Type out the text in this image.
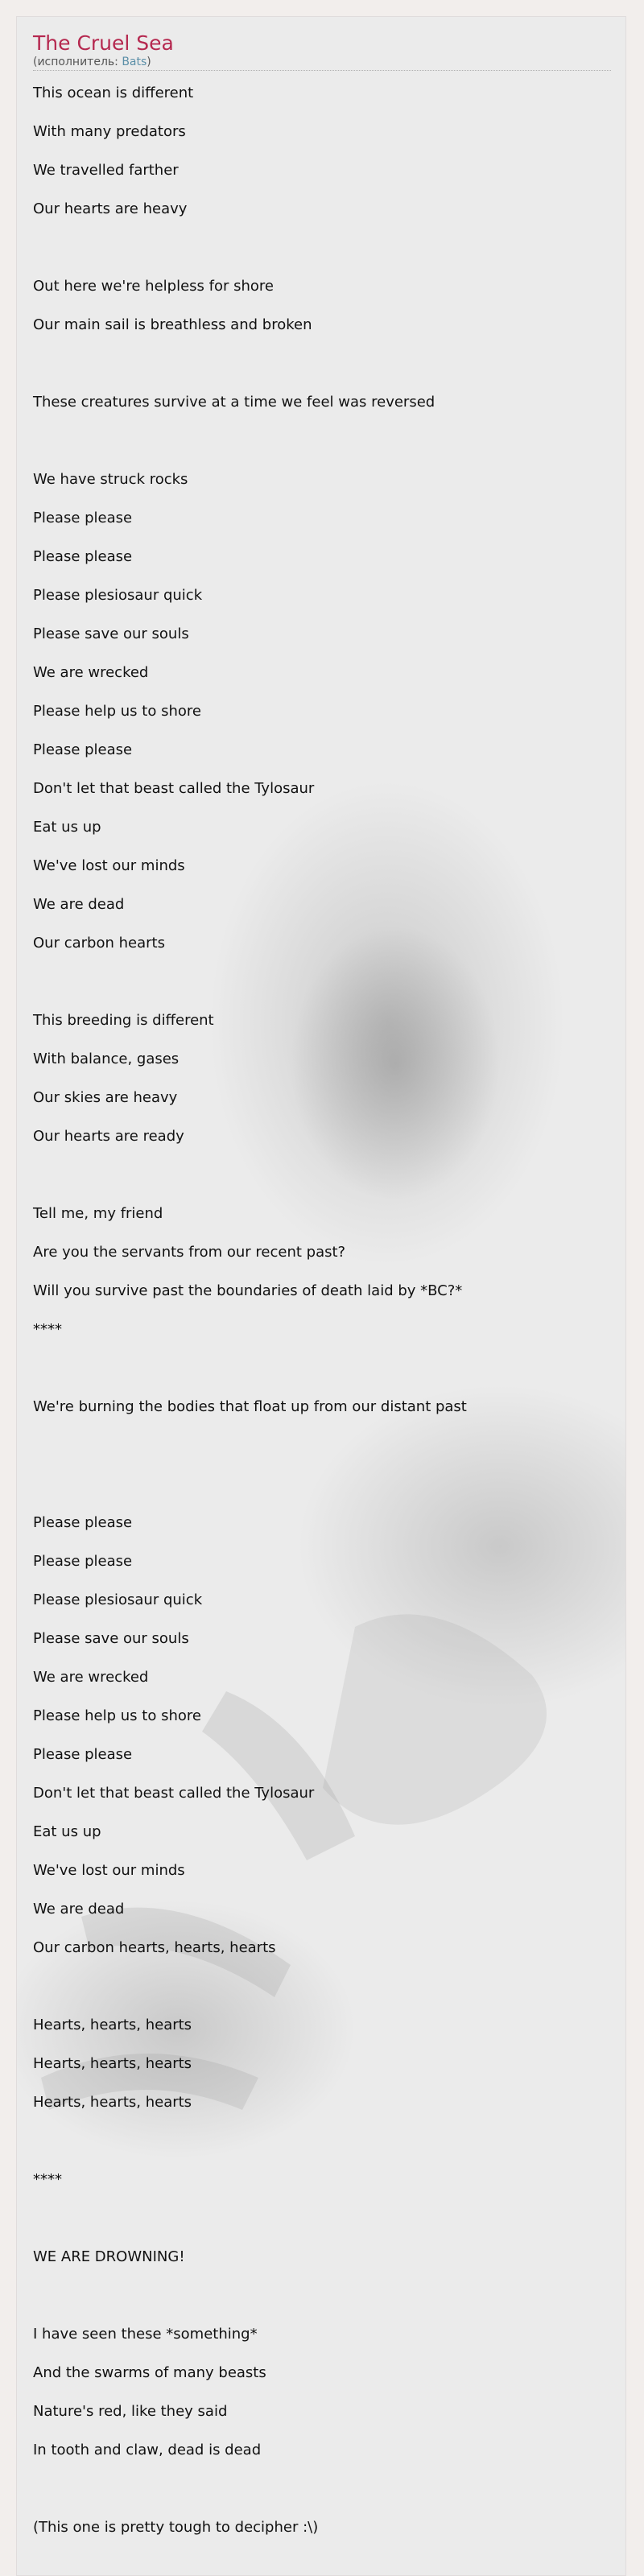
The Cruel Sea
(исполнитель: Bats)
This ocean is different
With many predators
We travelled farther
Our hearts are heavy
Out here we're helpless for shore
Our main sail is breathless and broken
These creatures survive at a time we feel was reversed
We have struck rocks
Please please
Please please
Please plesiosaur quick
Please save our souls
We are wrecked
Please help us to shore
Please please
Don't let that beast called the Tylosaur
Eat us up
We've lost our minds
We are dead
Our carbon hearts
This breeding is different
With balance, gases
Our skies are heavy
Our hearts are ready
Tell me, my friend
Are you the servants from our recent past?
Will you survive past the boundaries of death laid by *BC?*
****
We're burning the bodies that float up from our distant past
Please please
Please please
Please plesiosaur quick
Please save our souls
We are wrecked
Please help us to shore
Please please
Don't let that beast called the Tylosaur
Eat us up
We've lost our minds
We are dead
Our carbon hearts, hearts, hearts
Hearts, hearts, hearts
Hearts, hearts, hearts
Hearts, hearts, hearts
****
WE ARE DROWNING!
I have seen these *something*
And the swarms of many beasts
Nature's red, like they said
In tooth and claw, dead is dead
(This one is pretty tough to decipher :\)
